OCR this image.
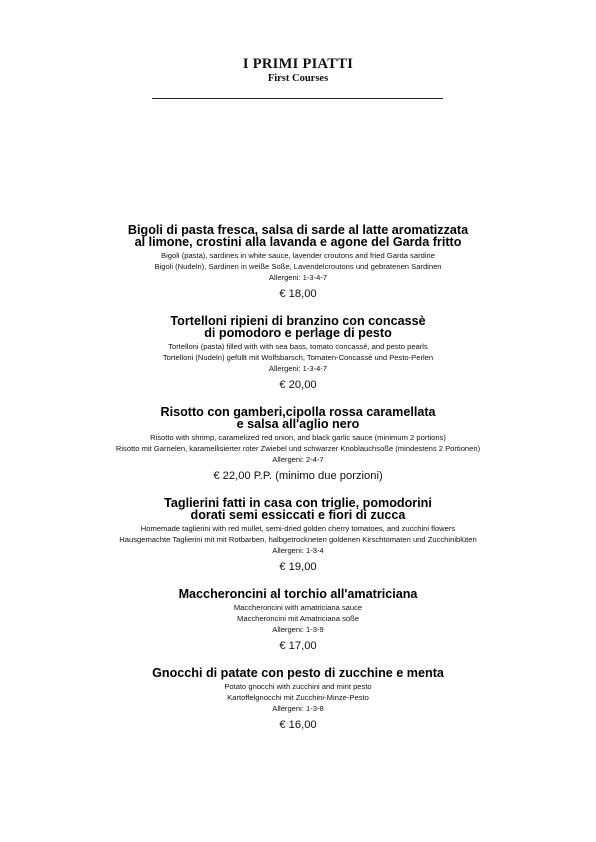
I PRIMI PIATTI
First Courses
Bigoli di pasta fresca, salsa di sarde al latte aromatizzata
al limone, crostini alla lavanda e agone del Garda fritto
Bigoli (pasta), sardines in white sauce, lavender croutons and fried Garda sardine
Bigoli (Nudeln), Sardinen in weiße Soße, Lavendelcroutons und gebratenen Sardinen
Allergeni: 1-3-4-7
€ 18,00
Tortelloni ripieni di branzino con concassè
di pomodoro e perlage di pesto
Tortelloni (pasta) filled with with sea bass, tomato concassé, and pesto pearls
Tortelloni (Nudeln) gefüllt mit Wolfsbarsch, Tomaten-Concassé und Pesto-Perlen
Allergeni: 1-3-4-7
€ 20,00
Risotto con gamberi,cipolla rossa caramellata
e salsa all'aglio nero
Risotto with shrimp, caramelized red onion, and black garlic sauce (minimum 2 portions)
Risotto mit Garnelen, karamellisierter roter Zwiebel und schwarzer Knoblauchsoße (mindestens 2 Portionen)
Allergeni: 2-4-7
€ 22,00 P.P. (minimo due porzioni)
Taglierini fatti in casa con triglie, pomodorini
dorati semi essiccati e fiori di zucca
Homemade taglierini with red mullet, semi-dried golden cherry tomatoes, and zucchini flowers
Hausgemachte Taglierini mit mit Rotbarben, halbgetrockneten goldenen Kirschtomaten und Zucchiniblüten
Allergeni: 1-3-4
€ 19,00
Maccheroncini al torchio all'amatriciana
Maccheroncini with amatriciana sauce
Maccheroncini mit Amatriciana soße
Allergeni: 1-3-9
€ 17,00
Gnocchi di patate con pesto di zucchine e menta
Potato gnocchi with zucchini and mint pesto
Kartoffelgnocchi mit Zucchini-Minze-Pesto
Allergeni: 1-3-8
€ 16,00
